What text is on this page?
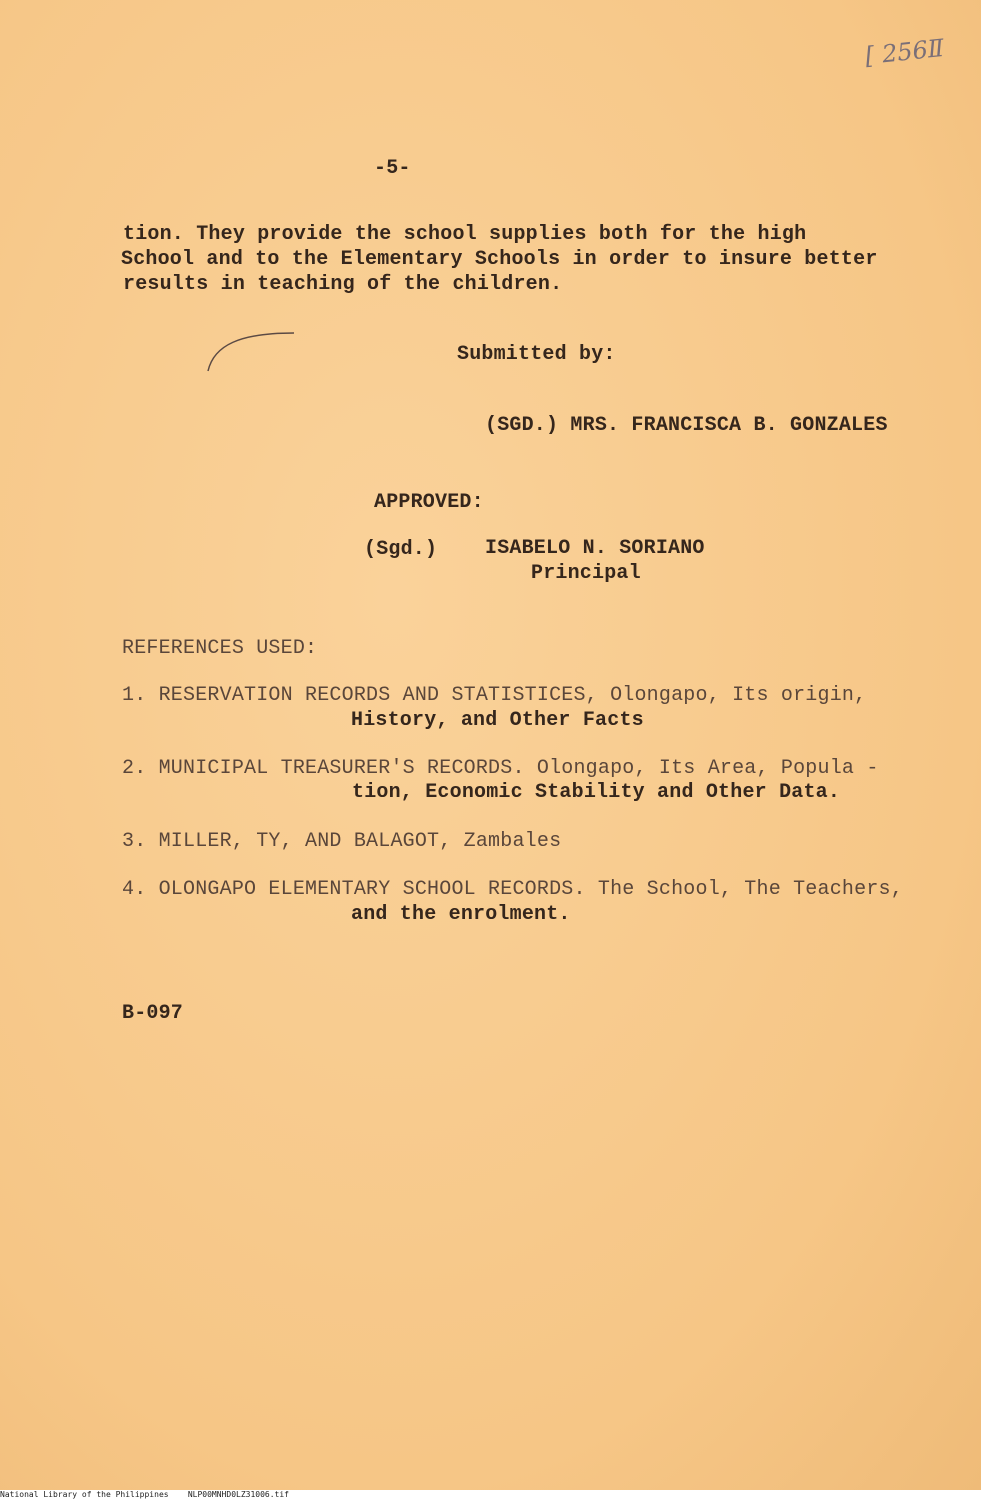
[ 256Ⅱ
-5-
tion. They provide the school supplies both for the high
School and to the Elementary Schools in order to insure better
results in teaching of the children.
Submitted by:
(SGD.) MRS. FRANCISCA B. GONZALES
APPROVED:
(Sgd.) ISABELO N. SORIANO
Principal
REFERENCES USED:
1. RESERVATION RECORDS AND STATISTICES, Olongapo, Its origin,
History, and Other Facts
2. MUNICIPAL TREASURER'S RECORDS. Olongapo, Its Area, Popula -
tion, Economic Stability and Other Data.
3. MILLER, TY, AND BALAGOT, Zambales
4. OLONGAPO ELEMENTARY SCHOOL RECORDS. The School, The Teachers,
and the enrolment.
B-097
National Library of the Philippines NLP00MNHD0LZ31006.tif
